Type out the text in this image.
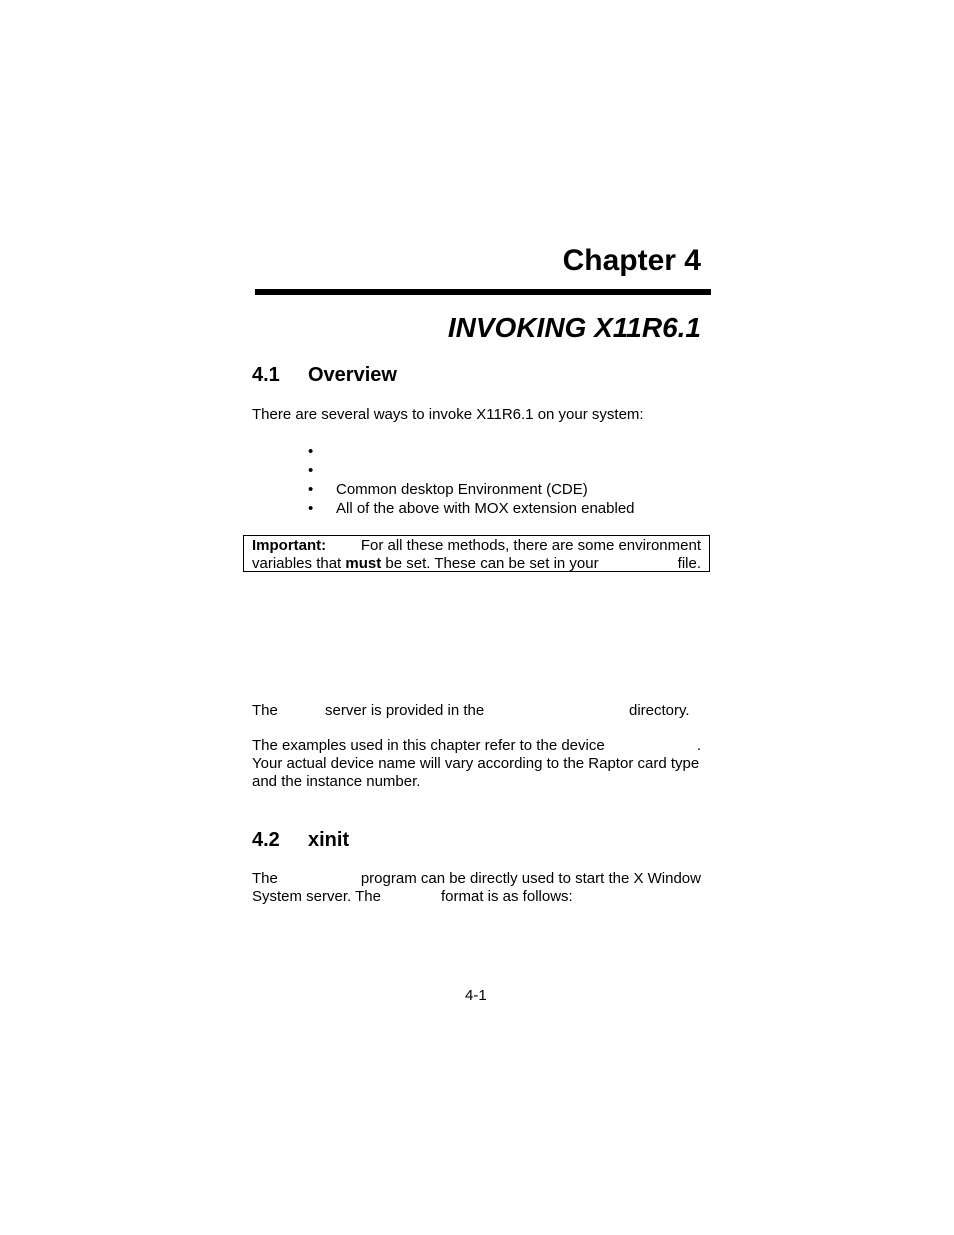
Chapter 4
INVOKING X11R6.1
4.1 Overview
There are several ways to invoke X11R6.1 on your system:
•
•
• Common desktop Environment (CDE)
• All of the above with MOX extension enabled
Important: For all these methods, there are some environment
variables that must be set. These can be set in your	file.
The	server is provided in the	directory.
The examples used in this chapter refer to the device	.
Your actual device name will vary according to the Raptor card type
and the instance number.
4.2 xinit
The	program can be directly used to start the X Window
System server. The	format is as follows:
4-1
